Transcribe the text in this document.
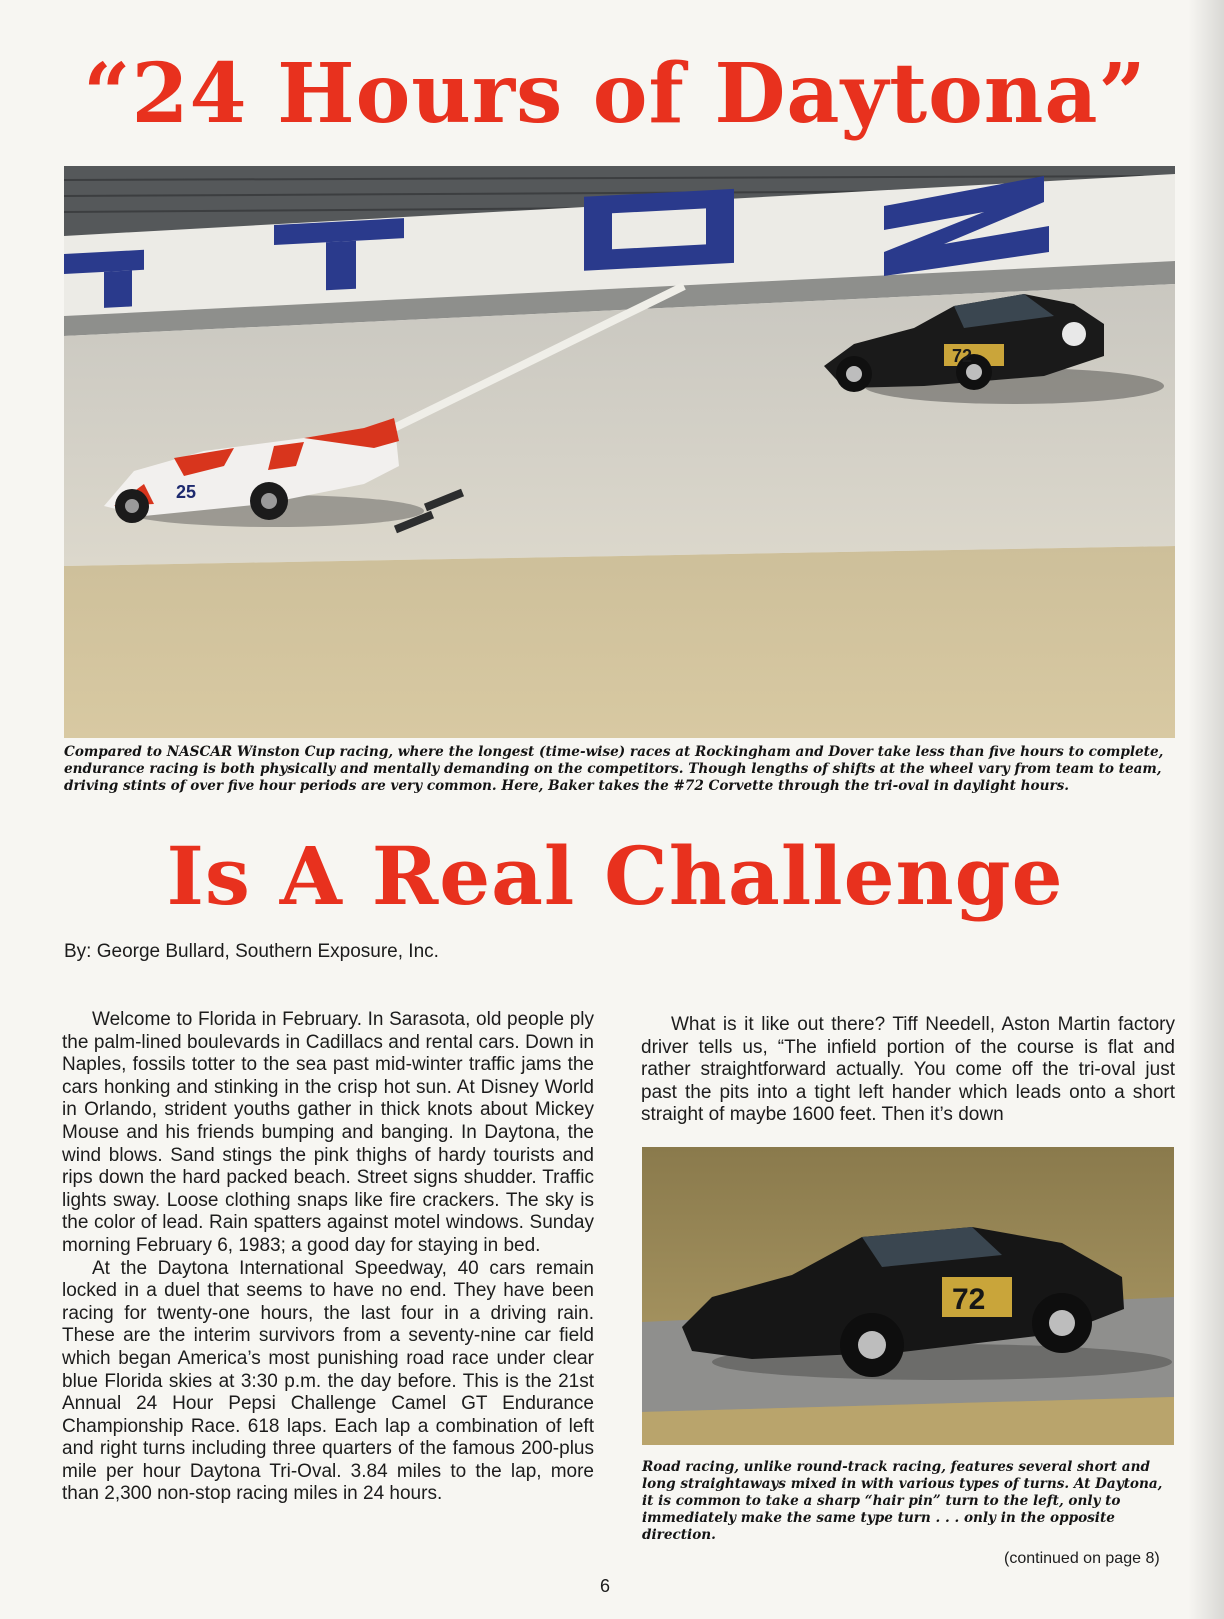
“24 Hours of Daytona”
25
72
Compared to NASCAR Winston Cup racing, where the longest (time-wise) races at Rockingham and Dover take less than five hours to complete, endurance racing is both physically and mentally demanding on the competitors. Though lengths of shifts at the wheel vary from team to team, driving stints of over five hour periods are very common. Here, Baker takes the #72 Corvette through the tri-oval in daylight hours.
Is A Real Challenge
By: George Bullard, Southern Exposure, Inc.

Welcome to Florida in February. In Sarasota, old people ply the palm-lined boulevards in Cadillacs and rental cars. Down in Naples, fossils totter to the sea past mid-winter traffic jams the cars honking and stinking in the crisp hot sun. At Disney World in Orlando, strident youths gather in thick knots about Mickey Mouse and his friends bumping and banging. In Daytona, the wind blows. Sand stings the pink thighs of hardy tourists and rips down the hard packed beach. Street signs shudder. Traffic lights sway. Loose clothing snaps like fire crackers. The sky is the color of lead. Rain spatters against motel windows. Sunday morning February 6, 1983; a good day for staying in bed.

At the Daytona International Speedway, 40 cars remain locked in a duel that seems to have no end. They have been racing for twenty-one hours, the last four in a driving rain. These are the interim survivors from a seventy-nine car field which began America’s most punishing road race under clear blue Florida skies at 3:30 p.m. the day before. This is the 21st Annual 24 Hour Pepsi Challenge Camel GT Endurance Championship Race. 618 laps. Each lap a combination of left and right turns including three quarters of the famous 200-plus mile per hour Daytona Tri-Oval. 3.84 miles to the lap, more than 2,300 non-stop racing miles in 24 hours.

What is it like out there? Tiff Needell, Aston Martin factory driver tells us, “The infield portion of the course is flat and rather straightforward actually. You come off the tri-oval just past the pits into a tight left hander which leads onto a short straight of maybe 1600 feet. Then it’s down

72
Road racing, unlike round-track racing, features several short and long straightaways mixed in with various types of turns. At Daytona, it is common to take a sharp “hair pin” turn to the left, only to immediately make the same type turn . . . only in the opposite direction.
(continued on page 8)
6
